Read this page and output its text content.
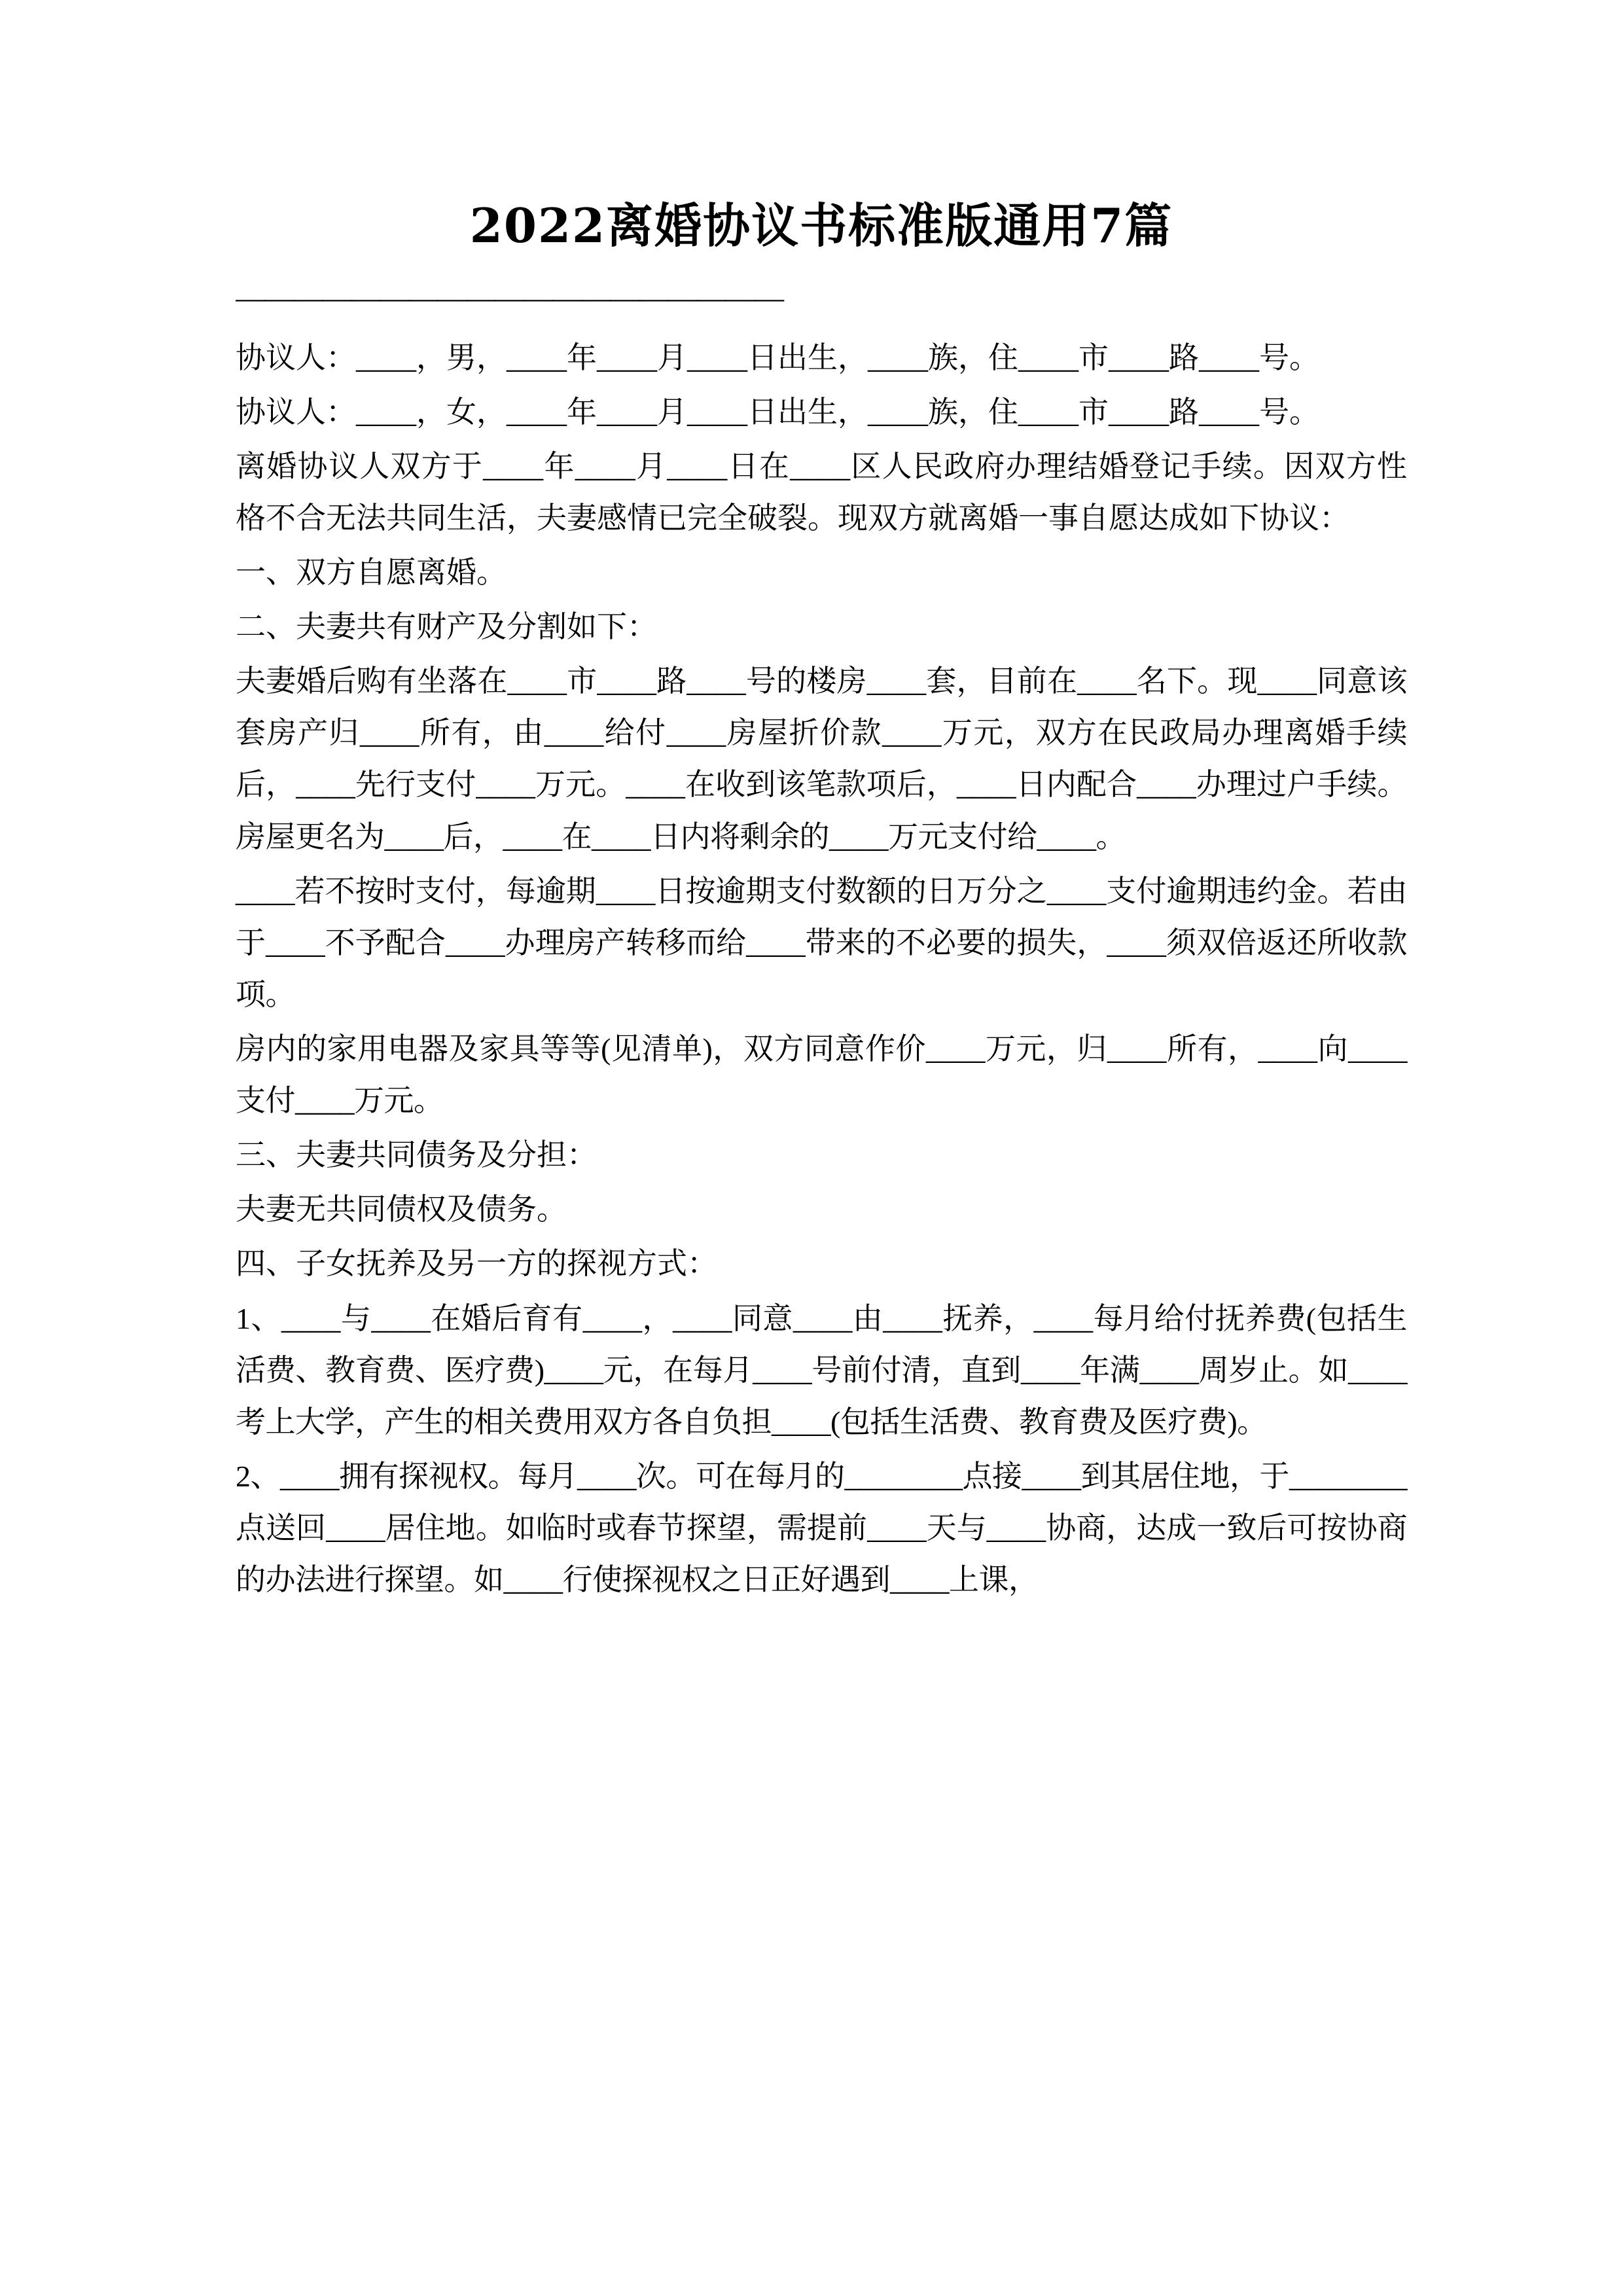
2022离婚协议书标准版通用7篇
———————————————————

协议人：____，男，____年____月____日出生，____族，住____市____路____号。

协议人：____，女，____年____月____日出生，____族，住____市____路____号。

离婚协议人双方于____年____月____日在____区人民政府办理结婚登记手续。因双方性格不合无法共同生活，夫妻感情已完全破裂。现双方就离婚一事自愿达成如下协议：

一、双方自愿离婚。

二、夫妻共有财产及分割如下：

夫妻婚后购有坐落在____市____路____号的楼房____套，目前在____名下。现____同意该套房产归____所有，由____给付____房屋折价款____万元，双方在民政局办理离婚手续后，____先行支付____万元。____在收到该笔款项后，____日内配合____办理过户手续。房屋更名为____后，____在____日内将剩余的____万元支付给____。

____若不按时支付，每逾期____日按逾期支付数额的日万分之____支付逾期违约金。若由于____不予配合____办理房产转移而给____带来的不必要的损失，____须双倍返还所收款项。

房内的家用电器及家具等等(见清单)，双方同意作价____万元，归____所有，____向____支付____万元。

三、夫妻共同债务及分担：

夫妻无共同债权及债务。

四、子女抚养及另一方的探视方式：

1、____与____在婚后育有____，____同意____由____抚养，____每月给付抚养费(包括生活费、教育费、医疗费)____元，在每月____号前付清，直到____年满____周岁止。如____考上大学，产生的相关费用双方各自负担____(包括生活费、教育费及医疗费)。

2、____拥有探视权。每月____次。可在每月的________点接____到其居住地，于________点送回____居住地。如临时或春节探望，需提前____天与____协商，达成一致后可按协商的办法进行探望。如____行使探视权之日正好遇到____上课，
